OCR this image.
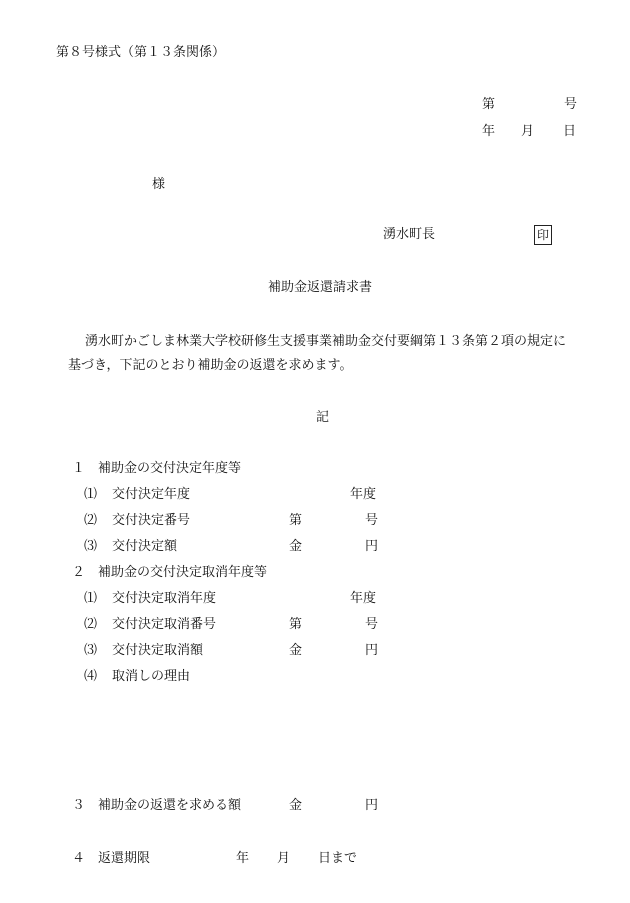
第８号様式（第１３条関係）
第	号
年 月 日
様
湧水町長	印
補助金返還請求書
湧水町かごしま林業大学校研修生支援事業補助金交付要綱第１３条第２項の規定に
基づき，下記のとおり補助金の返還を求めます。
記
１　補助金の交付決定年度等
⑴ 交付決定年度	年度
⑵ 交付決定番号	第	号
⑶ 交付決定額	金	円
２　補助金の交付決定取消年度等
⑴ 交付決定取消年度	年度
⑵ 交付決定取消番号	第	号
⑶ 交付決定取消額	金	円
⑷ 取消しの理由
３　補助金の返還を求める額	金	円
４　返還期限	年 月 日まで
